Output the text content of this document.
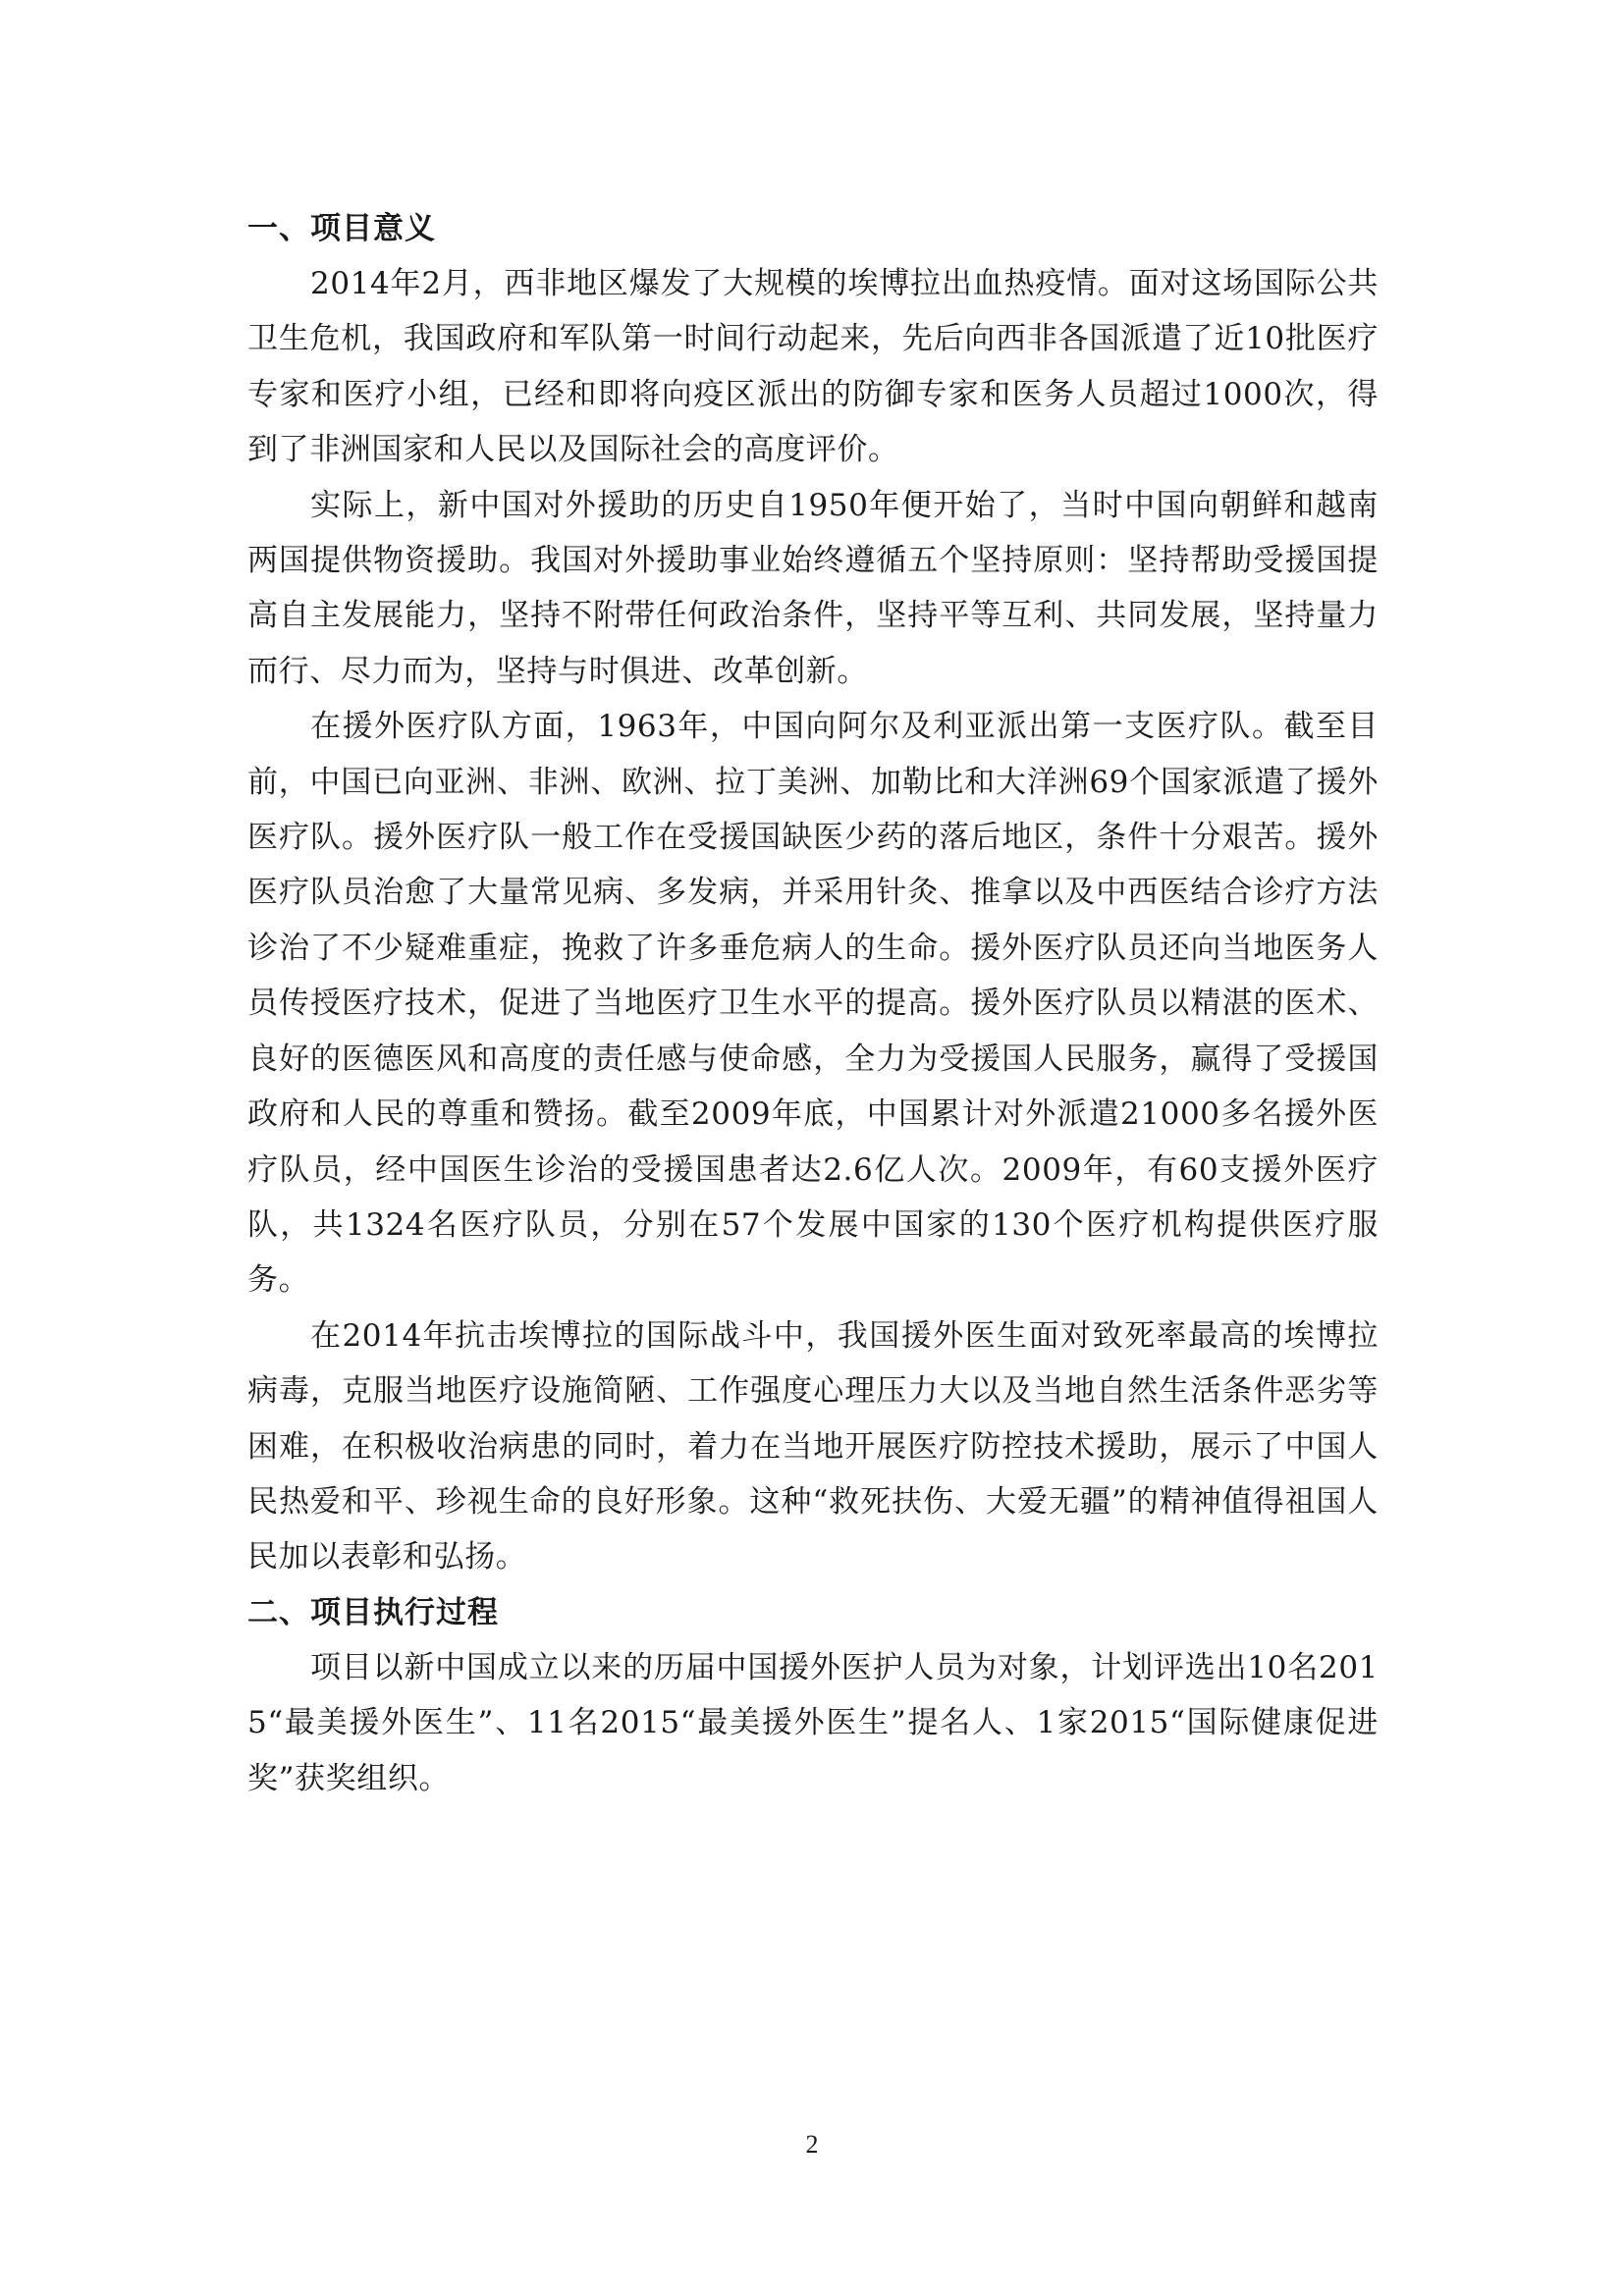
一、项目意义

2014年2月，西非地区爆发了大规模的埃博拉出血热疫情。面对这场国际公共卫生危机，我国政府和军队第一时间行动起来，先后向西非各国派遣了近10批医疗专家和医疗小组，已经和即将向疫区派出的防御专家和医务人员超过1000次，得到了非洲国家和人民以及国际社会的高度评价。

实际上，新中国对外援助的历史自1950年便开始了，当时中国向朝鲜和越南两国提供物资援助。我国对外援助事业始终遵循五个坚持原则：坚持帮助受援国提高自主发展能力，坚持不附带任何政治条件，坚持平等互利、共同发展，坚持量力而行、尽力而为，坚持与时俱进、改革创新。

在援外医疗队方面，1963年，中国向阿尔及利亚派出第一支医疗队。截至目前，中国已向亚洲、非洲、欧洲、拉丁美洲、加勒比和大洋洲69个国家派遣了援外医疗队。援外医疗队一般工作在受援国缺医少药的落后地区，条件十分艰苦。援外医疗队员治愈了大量常见病、多发病，并采用针灸、推拿以及中西医结合诊疗方法诊治了不少疑难重症，挽救了许多垂危病人的生命。援外医疗队员还向当地医务人员传授医疗技术，促进了当地医疗卫生水平的提高。援外医疗队员以精湛的医术、良好的医德医风和高度的责任感与使命感，全力为受援国人民服务，赢得了受援国政府和人民的尊重和赞扬。截至2009年底，中国累计对外派遣21000多名援外医疗队员，经中国医生诊治的受援国患者达2.6亿人次。2009年，有60支援外医疗队，共1324名医疗队员，分别在57个发展中国家的130个医疗机构提供医疗服务。

在2014年抗击埃博拉的国际战斗中，我国援外医生面对致死率最高的埃博拉病毒，克服当地医疗设施简陋、工作强度心理压力大以及当地自然生活条件恶劣等困难，在积极收治病患的同时，着力在当地开展医疗防控技术援助，展示了中国人民热爱和平、珍视生命的良好形象。这种“救死扶伤、大爱无疆”的精神值得祖国人民加以表彰和弘扬。

二、项目执行过程

项目以新中国成立以来的历届中国援外医护人员为对象，计划评选出10名2015“最美援外医生”、11名2015“最美援外医生”提名人、1家2015“国际健康促进奖”获奖组织。

2
